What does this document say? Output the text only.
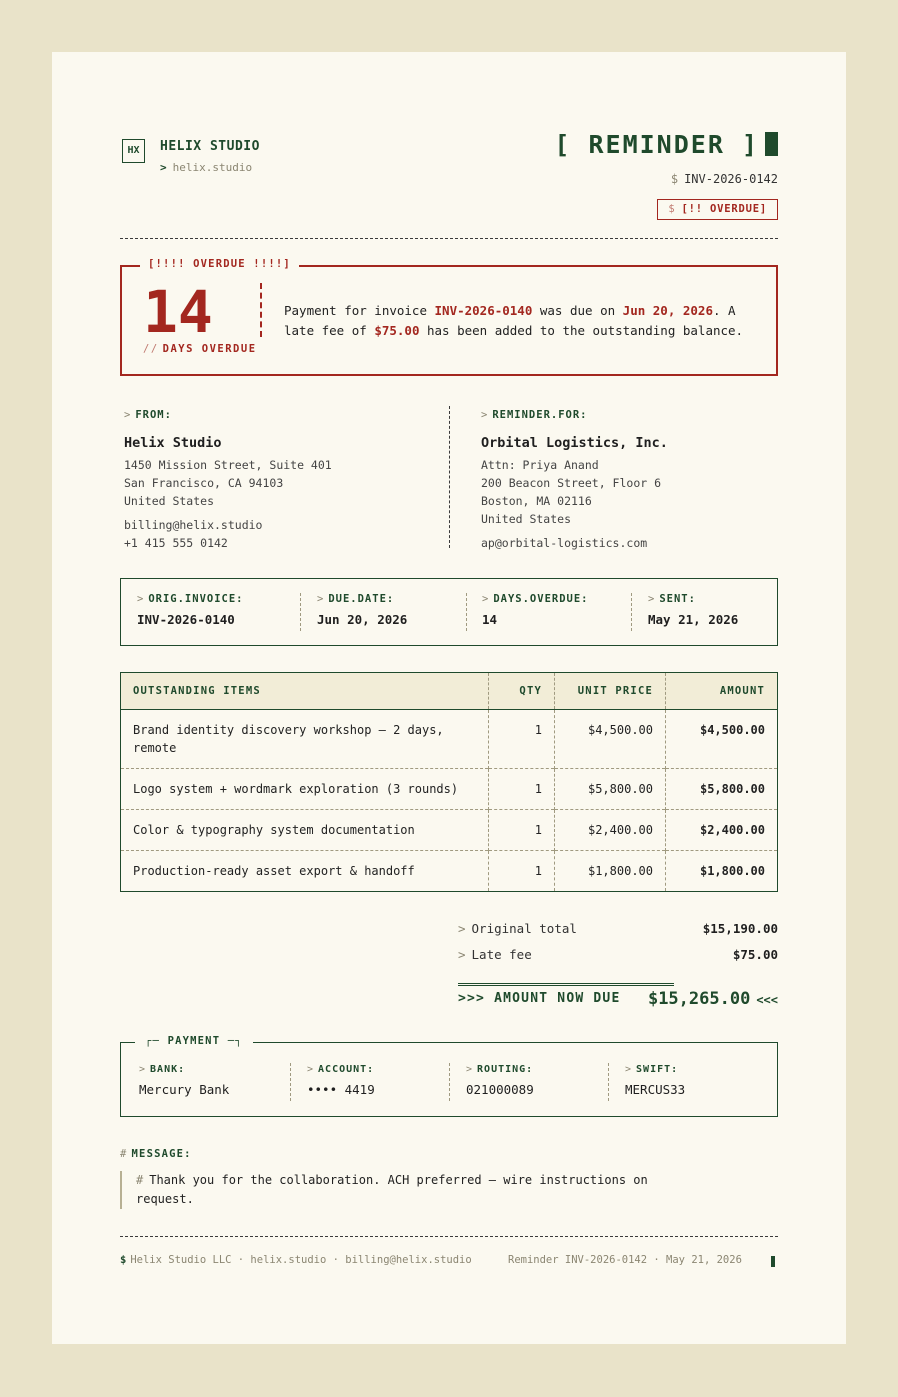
HX	HELIX STUDIO
> helix.studio
[ REMINDER ]
$ INV-2026-0142
$ [!! OVERDUE]
[!!!! OVERDUE !!!!]
14
// DAYS OVERDUE
Payment for invoice INV-2026-0140 was due on Jun 20, 2026. A late fee of $75.00 has been added to the outstanding balance.
> FROM:
Helix Studio
1450 Mission Street, Suite 401
San Francisco, CA 94103
United States
billing@helix.studio
+1 415 555 0142
> REMINDER.FOR:
Orbital Logistics, Inc.
Attn: Priya Anand
200 Beacon Street, Floor 6
Boston, MA 02116
United States
ap@orbital-logistics.com
> ORIG.INVOICE:
INV-2026-0140
> DUE.DATE:
Jun 20, 2026
> DAYS.OVERDUE:
14
> SENT:
May 21, 2026
OUTSTANDING ITEMS	QTY	UNIT PRICE	AMOUNT
Brand identity discovery workshop — 2 days, remote	1	$4,500.00	$4,500.00
Logo system + wordmark exploration (3 rounds)	1	$5,800.00	$5,800.00
Color & typography system documentation	1	$2,400.00	$2,400.00
Production-ready asset export & handoff	1	$1,800.00	$1,800.00
> Original total	$15,190.00
> Late fee	$75.00
>>> AMOUNT NOW DUE	$15,265.00 <<<
┌─ PAYMENT ─┐
> BANK:
Mercury Bank
> ACCOUNT:
•••• 4419
> ROUTING:
021000089
> SWIFT:
MERCUS33
# MESSAGE:
# Thank you for the collaboration. ACH preferred — wire instructions on request.
$ Helix Studio LLC · helix.studio · billing@helix.studio	Reminder INV-2026-0142 · May 21, 2026
